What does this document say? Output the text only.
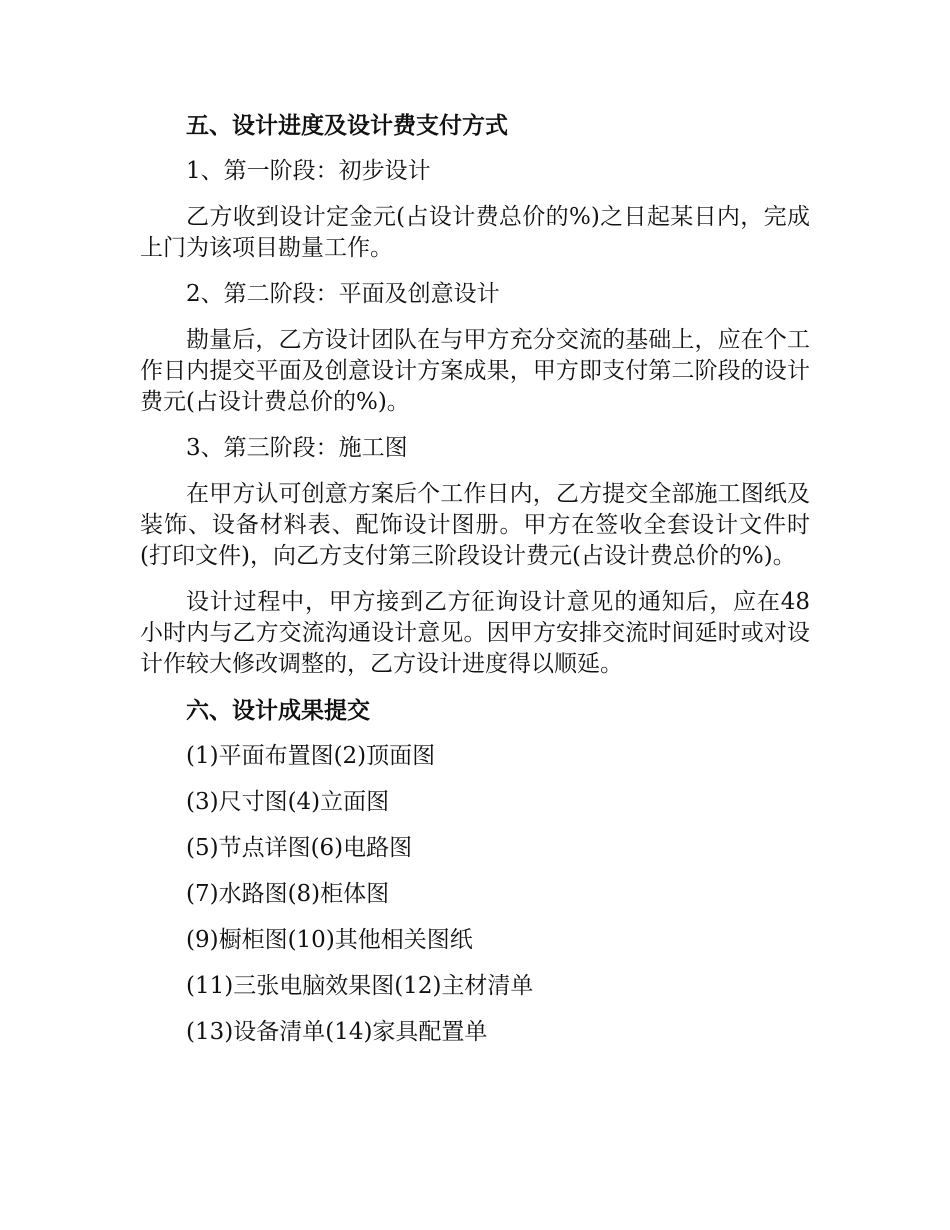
五、设计进度及设计费支付方式

1、第一阶段：初步设计

乙方收到设计定金元(占设计费总价的%)之日起某日内，完成上门为该项目勘量工作。

2、第二阶段：平面及创意设计

勘量后，乙方设计团队在与甲方充分交流的基础上，应在个工作日内提交平面及创意设计方案成果，甲方即支付第二阶段的设计费元(占设计费总价的%)。

3、第三阶段：施工图

在甲方认可创意方案后个工作日内，乙方提交全部施工图纸及装饰、设备材料表、配饰设计图册。甲方在签收全套设计文件时(打印文件)，向乙方支付第三阶段设计费元(占设计费总价的%)。

设计过程中，甲方接到乙方征询设计意见的通知后，应在48小时内与乙方交流沟通设计意见。因甲方安排交流时间延时或对设计作较大修改调整的，乙方设计进度得以顺延。

六、设计成果提交

(1)平面布置图(2)顶面图

(3)尺寸图(4)立面图

(5)节点详图(6)电路图

(7)水路图(8)柜体图

(9)橱柜图(10)其他相关图纸

(11)三张电脑效果图(12)主材清单

(13)设备清单(14)家具配置单
